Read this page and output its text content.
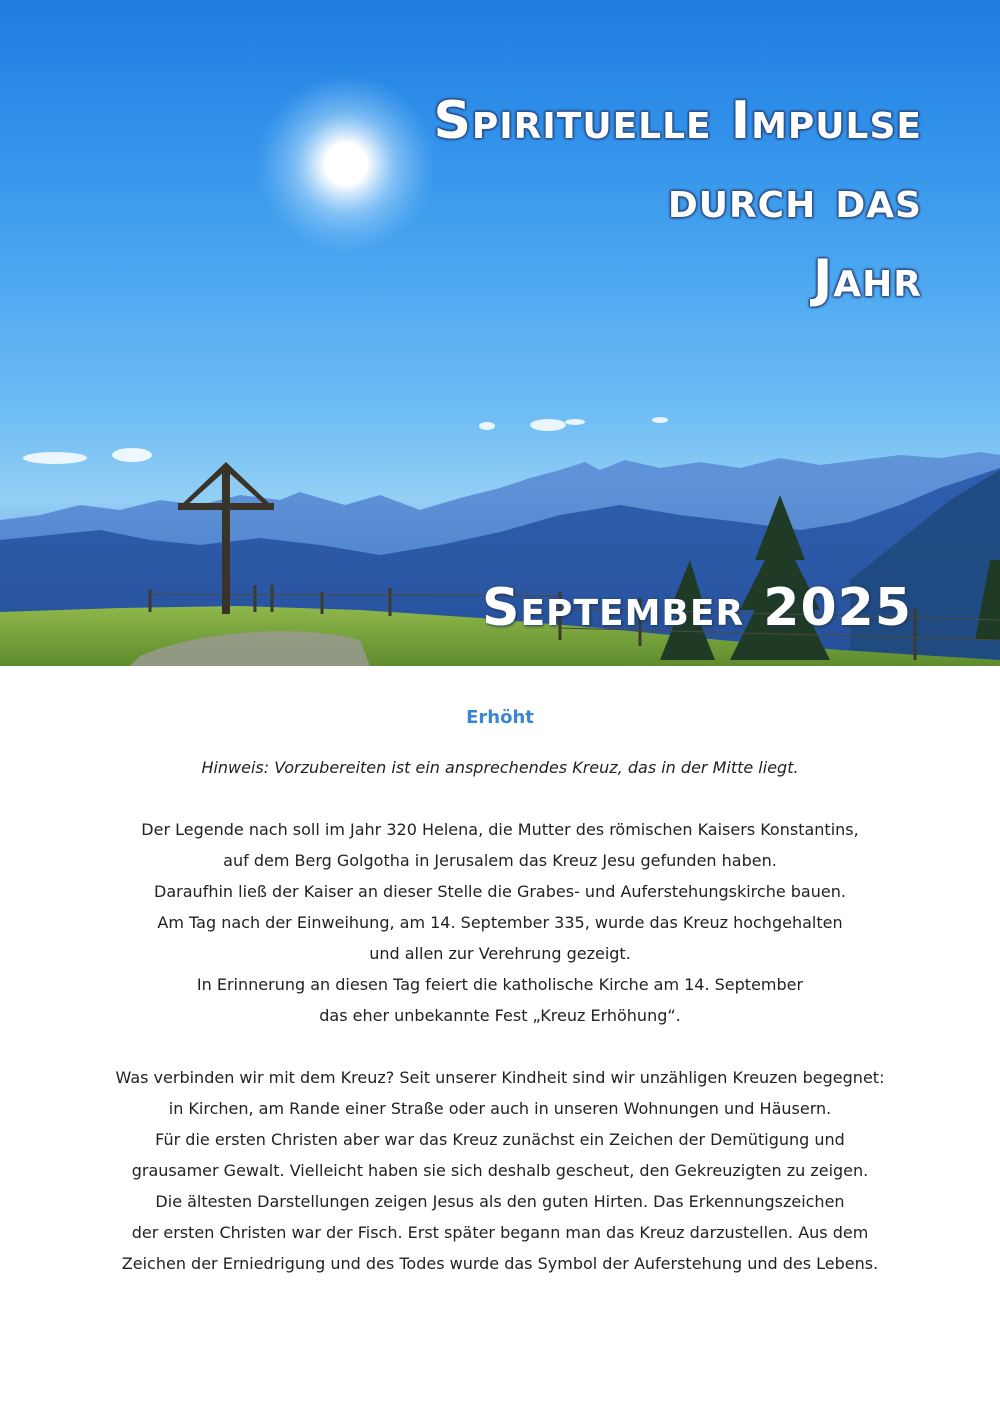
Spirituelle Impulse
durch das
Jahr
September 2025

Erhöht

Hinweis: Vorzubereiten ist ein ansprechendes Kreuz, das in der Mitte liegt.

Der Legende nach soll im Jahr 320 Helena, die Mutter des römischen Kaisers Konstantins,
auf dem Berg Golgotha in Jerusalem das Kreuz Jesu gefunden haben.
Daraufhin ließ der Kaiser an dieser Stelle die Grabes- und Auferstehungskirche bauen.
Am Tag nach der Einweihung, am 14. September 335, wurde das Kreuz hochgehalten
und allen zur Verehrung gezeigt.
In Erinnerung an diesen Tag feiert die katholische Kirche am 14. September
das eher unbekannte Fest „Kreuz Erhöhung“.

Was verbinden wir mit dem Kreuz? Seit unserer Kindheit sind wir unzähligen Kreuzen begegnet:
in Kirchen, am Rande einer Straße oder auch in unseren Wohnungen und Häusern.
Für die ersten Christen aber war das Kreuz zunächst ein Zeichen der Demütigung und
grausamer Gewalt. Vielleicht haben sie sich deshalb gescheut, den Gekreuzigten zu zeigen.
Die ältesten Darstellungen zeigen Jesus als den guten Hirten. Das Erkennungszeichen
der ersten Christen war der Fisch. Erst später begann man das Kreuz darzustellen. Aus dem
Zeichen der Erniedrigung und des Todes wurde das Symbol der Auferstehung und des Lebens.
